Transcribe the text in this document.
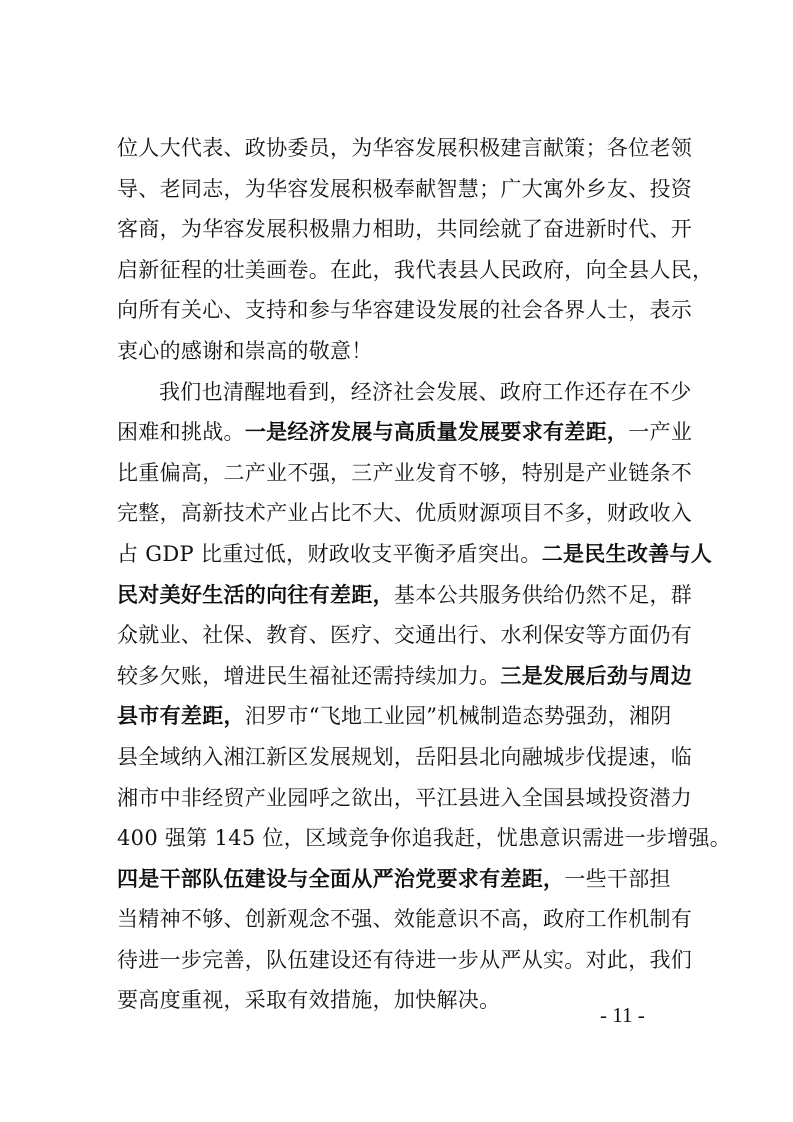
位人大代表、政协委员，为华容发展积极建言献策；各位老领
导、老同志，为华容发展积极奉献智慧；广大寓外乡友、投资
客商，为华容发展积极鼎力相助，共同绘就了奋进新时代、开
启新征程的壮美画卷。在此，我代表县人民政府，向全县人民，
向所有关心、支持和参与华容建设发展的社会各界人士，表示
衷心的感谢和崇高的敬意！
我们也清醒地看到，经济社会发展、政府工作还存在不少
困难和挑战。一是经济发展与高质量发展要求有差距，一产业
比重偏高，二产业不强，三产业发育不够，特别是产业链条不
完整，高新技术产业占比不大、优质财源项目不多，财政收入
占 GDP 比重过低，财政收支平衡矛盾突出。二是民生改善与人
民对美好生活的向往有差距，基本公共服务供给仍然不足，群
众就业、社保、教育、医疗、交通出行、水利保安等方面仍有
较多欠账，增进民生福祉还需持续加力。三是发展后劲与周边
县市有差距，汨罗市“飞地工业园”机械制造态势强劲，湘阴
县全域纳入湘江新区发展规划，岳阳县北向融城步伐提速，临
湘市中非经贸产业园呼之欲出，平江县进入全国县域投资潜力
400 强第 145 位，区域竞争你追我赶，忧患意识需进一步增强。
四是干部队伍建设与全面从严治党要求有差距，一些干部担
当精神不够、创新观念不强、效能意识不高，政府工作机制有
待进一步完善，队伍建设还有待进一步从严从实。对此，我们
要高度重视，采取有效措施，加快解决。
- 11 -
